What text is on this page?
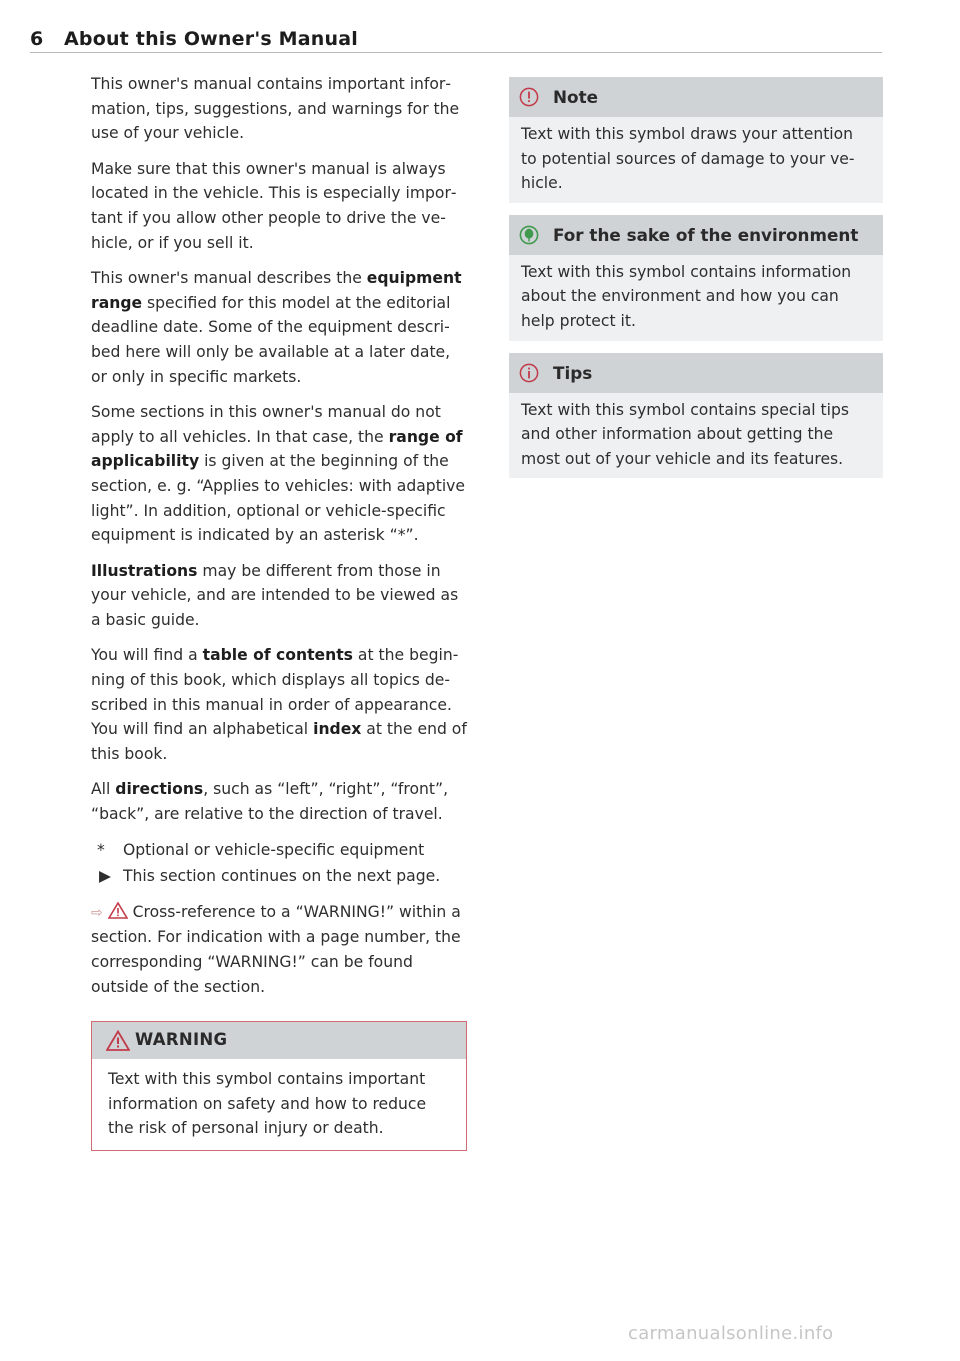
6 About this Owner's Manual

This owner's manual contains important information, tips, suggestions, and warnings for the use of your vehicle.

Make sure that this owner's manual is always located in the vehicle. This is especially important if you allow other people to drive the vehicle, or if you sell it.

This owner's manual describes the equipment range specified for this model at the editorial deadline date. Some of the equipment described here will only be available at a later date, or only in specific markets.

Some sections in this owner's manual do not apply to all vehicles. In that case, the range of applicability is given at the beginning of the section, e. g. “Applies to vehicles: with adaptive light”. In addition, optional or vehicle-specific equipment is indicated by an asterisk “*”.

Illustrations may be different from those in your vehicle, and are intended to be viewed as a basic guide.

You will find a table of contents at the beginning of this book, which displays all topics described in this manual in order of appearance. You will find an alphabetical index at the end of this book.

All directions, such as “left”, “right”, “front”, “back”, are relative to the direction of travel.

*	Optional or vehicle-specific equipment
▶ This section continues on the next page.

⇨  Cross-reference to a “WARNING!” within a section. For indication with a page number, the corresponding “WARNING!” can be found outside of the section.

WARNING
Text with this symbol contains important information on safety and how to reduce the risk of personal injury or death.
Note
Text with this symbol draws your attention to potential sources of damage to your vehicle.
For the sake of the environment
Text with this symbol contains information about the environment and how you can help protect it.
Tips
Text with this symbol contains special tips and other information about getting the most out of your vehicle and its features.
carmanualsonline.info
